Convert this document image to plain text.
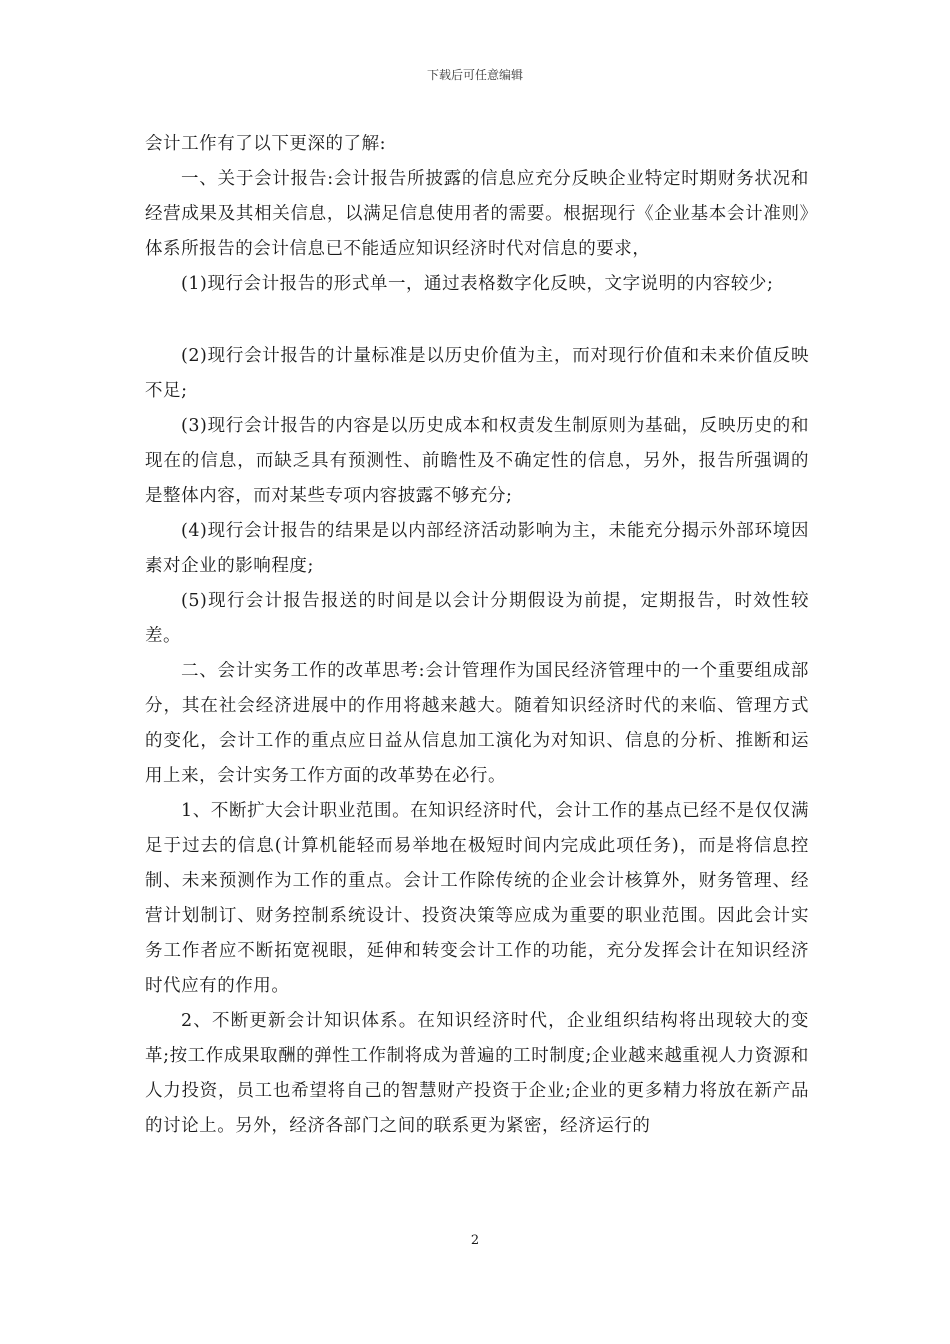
下载后可任意编辑

会计工作有了以下更深的了解:

一、关于会计报告:会计报告所披露的信息应充分反映企业特定时期财务状况和经营成果及其相关信息，以满足信息使用者的需要。根据现行《企业基本会计准则》体系所报告的会计信息已不能适应知识经济时代对信息的要求，

(1)现行会计报告的形式单一，通过表格数字化反映，文字说明的内容较少;

(2)现行会计报告的计量标准是以历史价值为主，而对现行价值和未来价值反映不足;

(3)现行会计报告的内容是以历史成本和权责发生制原则为基础，反映历史的和现在的信息，而缺乏具有预测性、前瞻性及不确定性的信息，另外，报告所强调的是整体内容，而对某些专项内容披露不够充分;

(4)现行会计报告的结果是以内部经济活动影响为主，未能充分揭示外部环境因素对企业的影响程度;

(5)现行会计报告报送的时间是以会计分期假设为前提，定期报告，时效性较差。

二、会计实务工作的改革思考:会计管理作为国民经济管理中的一个重要组成部分，其在社会经济进展中的作用将越来越大。随着知识经济时代的来临、管理方式的变化，会计工作的重点应日益从信息加工演化为对知识、信息的分析、推断和运用上来，会计实务工作方面的改革势在必行。

1、不断扩大会计职业范围。在知识经济时代，会计工作的基点已经不是仅仅满足于过去的信息(计算机能轻而易举地在极短时间内完成此项任务)，而是将信息控制、未来预测作为工作的重点。会计工作除传统的企业会计核算外，财务管理、经营计划制订、财务控制系统设计、投资决策等应成为重要的职业范围。因此会计实务工作者应不断拓宽视眼，延伸和转变会计工作的功能，充分发挥会计在知识经济时代应有的作用。

2、不断更新会计知识体系。在知识经济时代，企业组织结构将出现较大的变革;按工作成果取酬的弹性工作制将成为普遍的工时制度;企业越来越重视人力资源和人力投资，员工也希望将自己的智慧财产投资于企业;企业的更多精力将放在新产品的讨论上。另外，经济各部门之间的联系更为紧密，经济运行的

2
